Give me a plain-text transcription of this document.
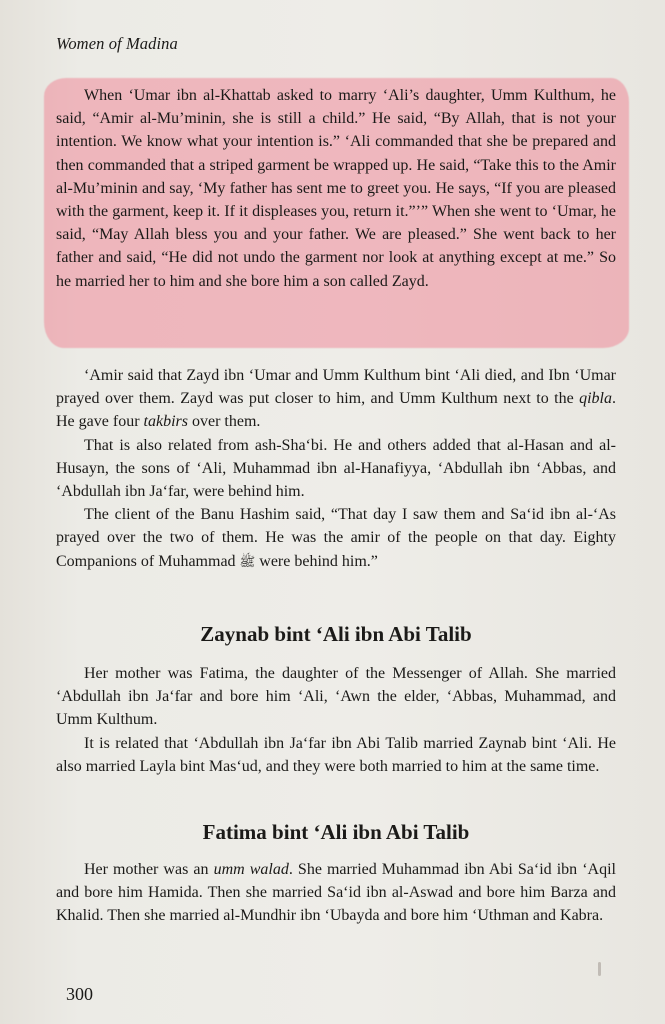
Women of Madina

When ‘Umar ibn al-Khattab asked to marry ‘Ali’s daughter, Umm Kulthum, he said, “Amir al-Mu’minin, she is still a child.” He said, “By Allah, that is not your intention. We know what your intention is.” ‘Ali commanded that she be prepared and then commanded that a striped garment be wrapped up. He said, “Take this to the Amir al-Mu’minin and say, ‘My father has sent me to greet you. He says, “If you are pleased with the garment, keep it. If it displeases you, return it.”’” When she went to ‘Umar, he said, “May Allah bless you and your father. We are pleased.” She went back to her father and said, “He did not undo the garment nor look at anything except at me.” So he married her to him and she bore him a son called Zayd.

‘Amir said that Zayd ibn ‘Umar and Umm Kulthum bint ‘Ali died, and Ibn ‘Umar prayed over them. Zayd was put closer to him, and Umm Kulthum next to the qibla. He gave four takbirs over them.

That is also related from ash-Sha‘bi. He and others added that al-Hasan and al-Husayn, the sons of ‘Ali, Muhammad ibn al-Hanafiyya, ‘Abdullah ibn ‘Abbas, and ‘Abdullah ibn Ja‘far, were behind him.

The client of the Banu Hashim said, “That day I saw them and Sa‘id ibn al-‘As prayed over the two of them. He was the amir of the people on that day. Eighty Companions of Muhammad ﷺ were behind him.”

Zaynab bint ‘Ali ibn Abi Talib

Her mother was Fatima, the daughter of the Messenger of Allah. She married ‘Abdullah ibn Ja‘far and bore him ‘Ali, ‘Awn the elder, ‘Abbas, Muhammad, and Umm Kulthum.

It is related that ‘Abdullah ibn Ja‘far ibn Abi Talib married Zaynab bint ‘Ali. He also married Layla bint Mas‘ud, and they were both married to him at the same time.

Fatima bint ‘Ali ibn Abi Talib

Her mother was an umm walad. She married Muhammad ibn Abi Sa‘id ibn ‘Aqil and bore him Hamida. Then she married Sa‘id ibn al-Aswad and bore him Barza and Khalid. Then she married al-Mundhir ibn ‘Ubayda and bore him ‘Uthman and Kabra.

300
